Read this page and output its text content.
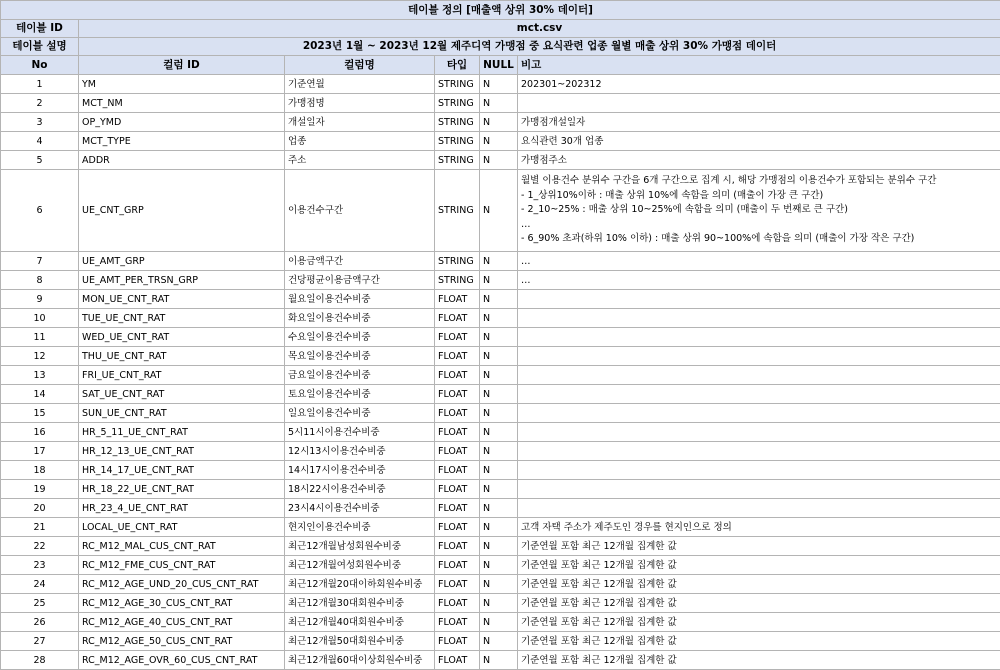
테이블 정의 [매출액 상위 30% 데이터]					
테이블 ID	mct.csv				
테이블 설명	2023년 1월 ~ 2023년 12월 제주디역 가맹점 중 요식관련 업종 월별 매출 상위 30% 가맹점 데이터				
No	컬럼 ID	컬럼명	타입	NULL	비고
1	YM	기준연월	STRING	N	202301~202312
2	MCT_NM	가맹점명	STRING	N	
3	OP_YMD	개설일자	STRING	N	가맹점개설일자
4	MCT_TYPE	업종	STRING	N	요식관련 30개 업종
5	ADDR	주소	STRING	N	가맹점주소
6	UE_CNT_GRP	이용건수구간	STRING	N	월별 이용건수 분위수 구간을 6개 구간으로 집계 시, 해당 가맹점의 이용건수가 포함되는 분위수 구간
- 1_상위10%이하 : 매출 상위 10%에 속함을 의미 (매출이 가장 큰 구간)
- 2_10~25% : 매출 상위 10~25%에 속함을 의미 (매출이 두 번째로 큰 구간)
…
- 6_90% 초과(하위 10% 이하) : 매출 상위 90~100%에 속함을 의미 (매출이 가장 작은 구간)

7	UE_AMT_GRP	이용금액구간	STRING	N	…
8	UE_AMT_PER_TRSN_GRP	건당평균이용금액구간	STRING	N	…
9	MON_UE_CNT_RAT	월요일이용건수비중	FLOAT	N	
10	TUE_UE_CNT_RAT	화요일이용건수비중	FLOAT	N	
11	WED_UE_CNT_RAT	수요일이용건수비중	FLOAT	N	
12	THU_UE_CNT_RAT	목요일이용건수비중	FLOAT	N	
13	FRI_UE_CNT_RAT	금요일이용건수비중	FLOAT	N	
14	SAT_UE_CNT_RAT	토요일이용건수비중	FLOAT	N	
15	SUN_UE_CNT_RAT	일요일이용건수비중	FLOAT	N	
16	HR_5_11_UE_CNT_RAT	5시11시이용건수비중	FLOAT	N	
17	HR_12_13_UE_CNT_RAT	12시13시이용건수비중	FLOAT	N	
18	HR_14_17_UE_CNT_RAT	14시17시이용건수비중	FLOAT	N	
19	HR_18_22_UE_CNT_RAT	18시22시이용건수비중	FLOAT	N	
20	HR_23_4_UE_CNT_RAT	23시4시이용건수비중	FLOAT	N	
21	LOCAL_UE_CNT_RAT	현지인이용건수비중	FLOAT	N	고객 자택 주소가 제주도인 경우를 현지인으로 정의
22	RC_M12_MAL_CUS_CNT_RAT	최근12개월남성회원수비중	FLOAT	N	기준연월 포함 최근 12개월 집계한 값
23	RC_M12_FME_CUS_CNT_RAT	최근12개월여성회원수비중	FLOAT	N	기준연월 포함 최근 12개월 집계한 값
24	RC_M12_AGE_UND_20_CUS_CNT_RAT	최근12개월20대이하회원수비중	FLOAT	N	기준연월 포함 최근 12개월 집계한 값
25	RC_M12_AGE_30_CUS_CNT_RAT	최근12개월30대회원수비중	FLOAT	N	기준연월 포함 최근 12개월 집계한 값
26	RC_M12_AGE_40_CUS_CNT_RAT	최근12개월40대회원수비중	FLOAT	N	기준연월 포함 최근 12개월 집계한 값
27	RC_M12_AGE_50_CUS_CNT_RAT	최근12개월50대회원수비중	FLOAT	N	기준연월 포함 최근 12개월 집계한 값
28	RC_M12_AGE_OVR_60_CUS_CNT_RAT	최근12개월60대이상회원수비중	FLOAT	N	기준연월 포함 최근 12개월 집계한 값
